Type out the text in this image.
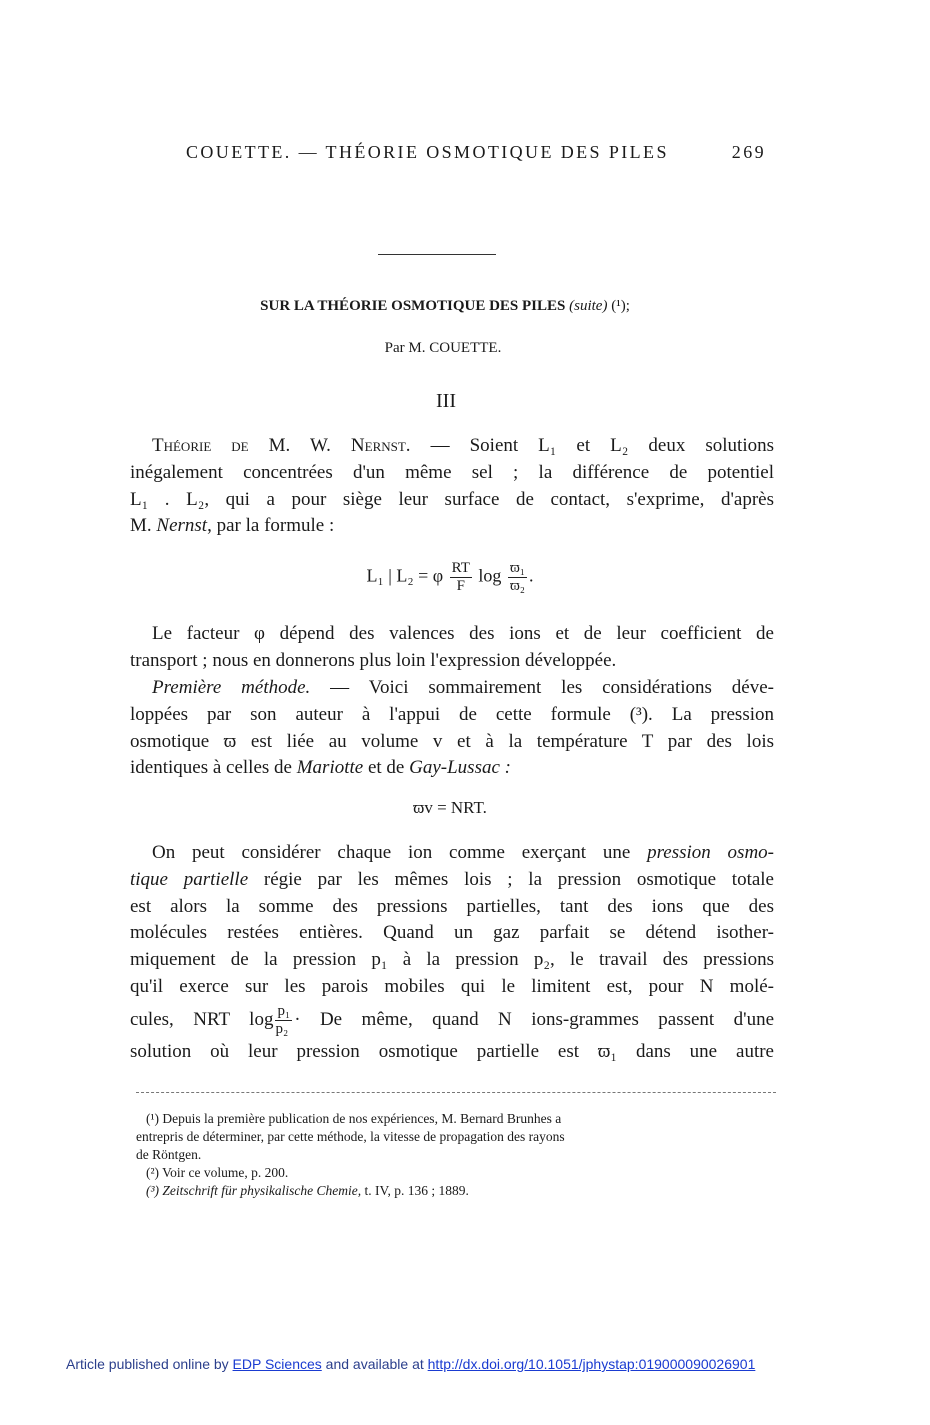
COUETTE. — THÉORIE OSMOTIQUE DES PILES	269
SUR LA THÉORIE OSMOTIQUE DES PILES (suite) (¹);
Par M. COUETTE.
III
Théorie de M. W. Nernst. — Soient L₁ et L₂ deux solutions
inégalement concentrées d'un même sel ; la différence de potentiel
L₁ . L₂, qui a pour siège leur surface de contact, s'exprime, d'après
M. Nernst, par la formule :
L₁ | L₂ = φ $\frac{RT}{F}$ $\log \frac{\text{ϖ₁}}{\text{ϖ₂}}$ .
Le facteur φ dépend des valences des ions et de leur coefficient de
transport ; nous en donnerons plus loin l'expression développée.
Première méthode. — Voici sommairement les considérations déve-
loppées par son auteur à l'appui de cette formule (³). La pression
osmotique ϖ est liée au volume v et à la température T par des lois
identiques à celles de Mariotte et de Gay-Lussac :
ϖv = NRT.
On peut considérer chaque ion comme exerçant une pression osmo-
tique partielle régie par les mêmes lois ; la pression osmotique totale
est alors la somme des pressions partielles, tant des ions que des
molécules restées entières. Quand un gaz parfait se détend isother-
miquement de la pression p₁ à la pression p₂, le travail des pressions
qu'il exerce sur les parois mobiles qui le limitent est, pour N molé-
cules, NRT $\log \frac{\text{p₁}}{\text{p₂}} \cdot De$ même, quand N ions-grammes passent d'une
solution où leur pression osmotique partielle est ϖ₁ dans une autre

(¹) Depuis la première publication de nos expériences, M. Bernard Brunhes a

entrepris de déterminer, par cette méthode, la vitesse de propagation des rayons

de Röntgen.

(²) Voir ce volume, p. 200.

(³) Zeitschrift für physikalische Chemie, t. IV, p. 136 ; 1889.

Article published online by EDP Sciences and available at http://dx.doi.org/10.1051/jphystap:019000090026901
